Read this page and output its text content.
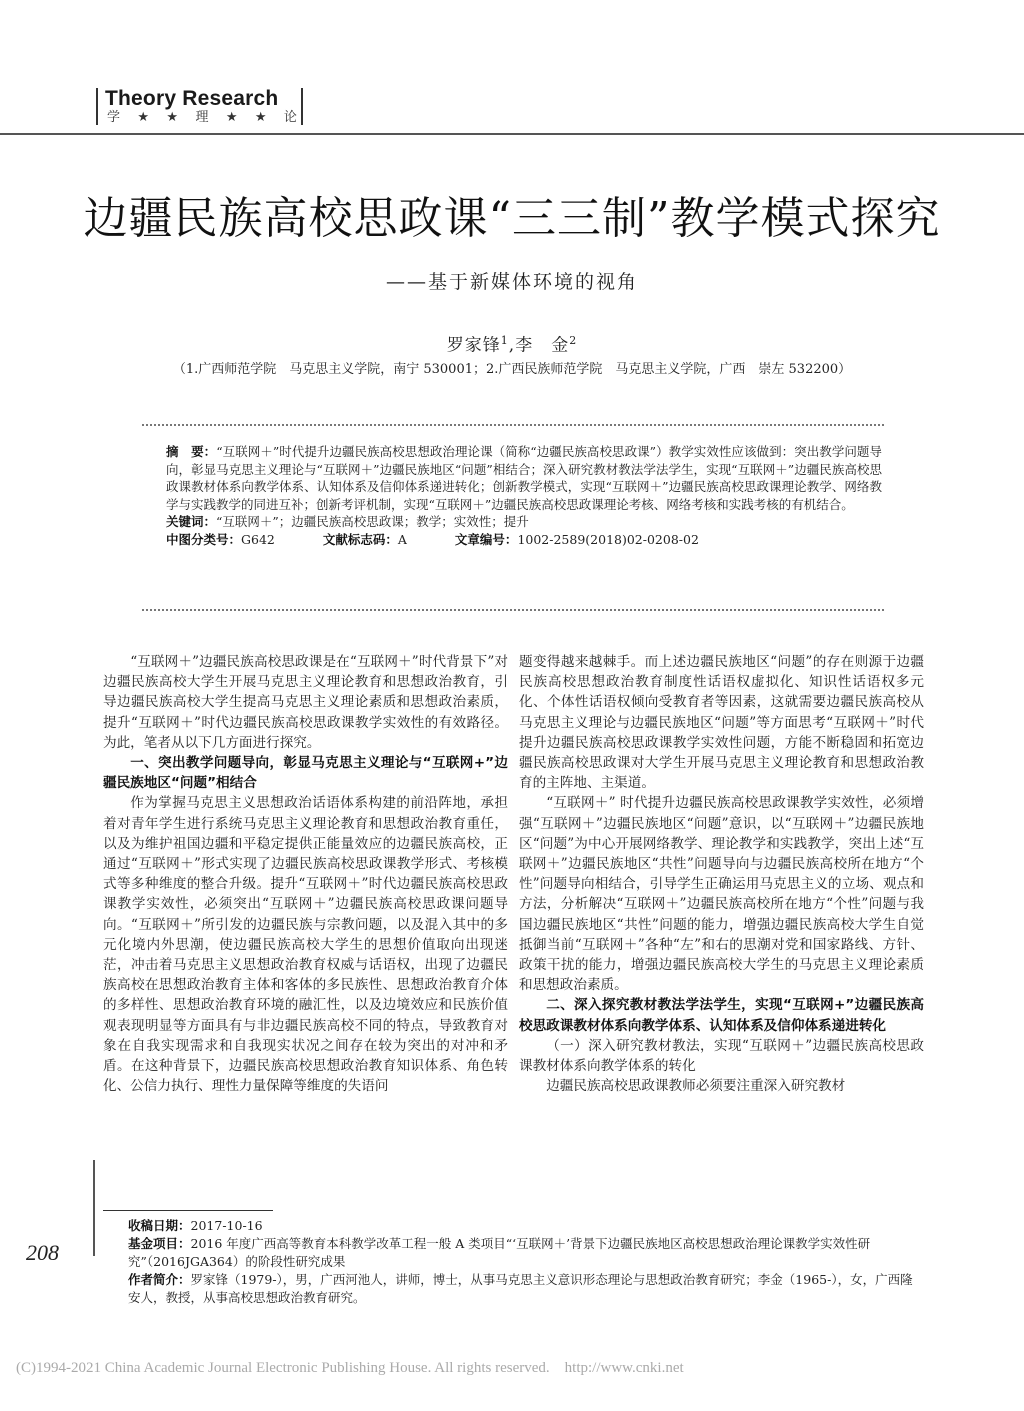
Theory Research
学 ★ ★ 理 ★ ★ 论
边疆民族高校思政课“三三制”教学模式探究
——基于新媒体环境的视角
罗家锋$^1$,李　金$^2$
（1.广西师范学院　马克思主义学院，南宁 530001；2.广西民族师范学院　马克思主义学院，广西　崇左 532200）
摘　要：“互联网＋”时代提升边疆民族高校思想政治理论课（简称“边疆民族高校思政课”）教学实效性应该做到：突出教学问题导向，彰显马克思主义理论与“互联网＋”边疆民族地区“问题”相结合；深入研究教材教法学法学生，实现“互联网＋”边疆民族高校思政课教材体系向教学体系、认知体系及信仰体系递进转化；创新教学模式，实现“互联网＋”边疆民族高校思政课理论教学、网络教学与实践教学的同进互补；创新考评机制，实现“互联网＋”边疆民族高校思政课理论考核、网络考核和实践考核的有机结合。
关键词：“互联网＋”；边疆民族高校思政课；教学；实效性；提升
中图分类号：G642	文献标志码：A	文章编号：1002-2589(2018)02-0208-02

“互联网＋”边疆民族高校思政课是在“互联网＋”时代背景下”对边疆民族高校大学生开展马克思主义理论教育和思想政治教育，引导边疆民族高校大学生提高马克思主义理论素质和思想政治素质，提升“互联网＋”时代边疆民族高校思政课教学实效性的有效路径。为此，笔者从以下几方面进行探究。

一、突出教学问题导向，彰显马克思主义理论与“互联网+”边疆民族地区“问题”相结合

作为掌握马克思主义思想政治话语体系构建的前沿阵地，承担着对青年学生进行系统马克思主义理论教育和思想政治教育重任，以及为维护祖国边疆和平稳定提供正能量效应的边疆民族高校，正通过“互联网＋”形式实现了边疆民族高校思政课教学形式、考核模式等多种维度的整合升级。提升“互联网＋”时代边疆民族高校思政课教学实效性，必须突出“互联网＋”边疆民族高校思政课问题导向。“互联网＋”所引发的边疆民族与宗教问题，以及混入其中的多元化境内外思潮，使边疆民族高校大学生的思想价值取向出现迷茫，冲击着马克思主义思想政治教育权威与话语权，出现了边疆民族高校在思想政治教育主体和客体的多民族性、思想政治教育介体的多样性、思想政治教育环境的融汇性，以及边境效应和民族价值观表现明显等方面具有与非边疆民族高校不同的特点，导致教育对象在自我实现需求和自我现实状况之间存在较为突出的对冲和矛盾。在这种背景下，边疆民族高校思想政治教育知识体系、角色转化、公信力执行、理性力量保障等维度的失语问

题变得越来越棘手。而上述边疆民族地区“问题”的存在则源于边疆民族高校思想政治教育制度性话语权虚拟化、知识性话语权多元化、个体性话语权倾向受教育者等因素，这就需要边疆民族高校从马克思主义理论与边疆民族地区“问题”等方面思考“互联网＋”时代提升边疆民族高校思政课教学实效性问题，方能不断稳固和拓宽边疆民族高校思政课对大学生开展马克思主义理论教育和思想政治教育的主阵地、主渠道。

“互联网＋” 时代提升边疆民族高校思政课教学实效性，必须增强“互联网＋”边疆民族地区“问题”意识，以“互联网＋”边疆民族地区“问题”为中心开展网络教学、理论教学和实践教学，突出上述“互联网＋”边疆民族地区“共性”问题导向与边疆民族高校所在地方“个性”问题导向相结合，引导学生正确运用马克思主义的立场、观点和方法，分析解决“互联网＋”边疆民族高校所在地方“个性”问题与我国边疆民族地区“共性”问题的能力，增强边疆民族高校大学生自觉抵御当前“互联网＋”各种“左”和右的思潮对党和国家路线、方针、政策干扰的能力，增强边疆民族高校大学生的马克思主义理论素质和思想政治素质。

二、深入探究教材教法学法学生，实现“互联网+”边疆民族高校思政课教材体系向教学体系、认知体系及信仰体系递进转化

（一）深入研究教材教法，实现“互联网＋”边疆民族高校思政课教材体系向教学体系的转化

边疆民族高校思政课教师必须要注重深入研究教材

208
收稿日期：2017-10-16
基金项目：2016 年度广西高等教育本科教学改革工程一般 A 类项目“‘互联网＋’背景下边疆民族地区高校思想政治理论课教学实效性研究”（2016JGA364）的阶段性研究成果
作者简介：罗家锋（1979-），男，广西河池人，讲师，博士，从事马克思主义意识形态理论与思想政治教育研究；李金（1965-），女，广西隆安人，教授，从事高校思想政治教育研究。
(C)1994-2021 China Academic Journal Electronic Publishing House. All rights reserved.    http://www.cnki.net
